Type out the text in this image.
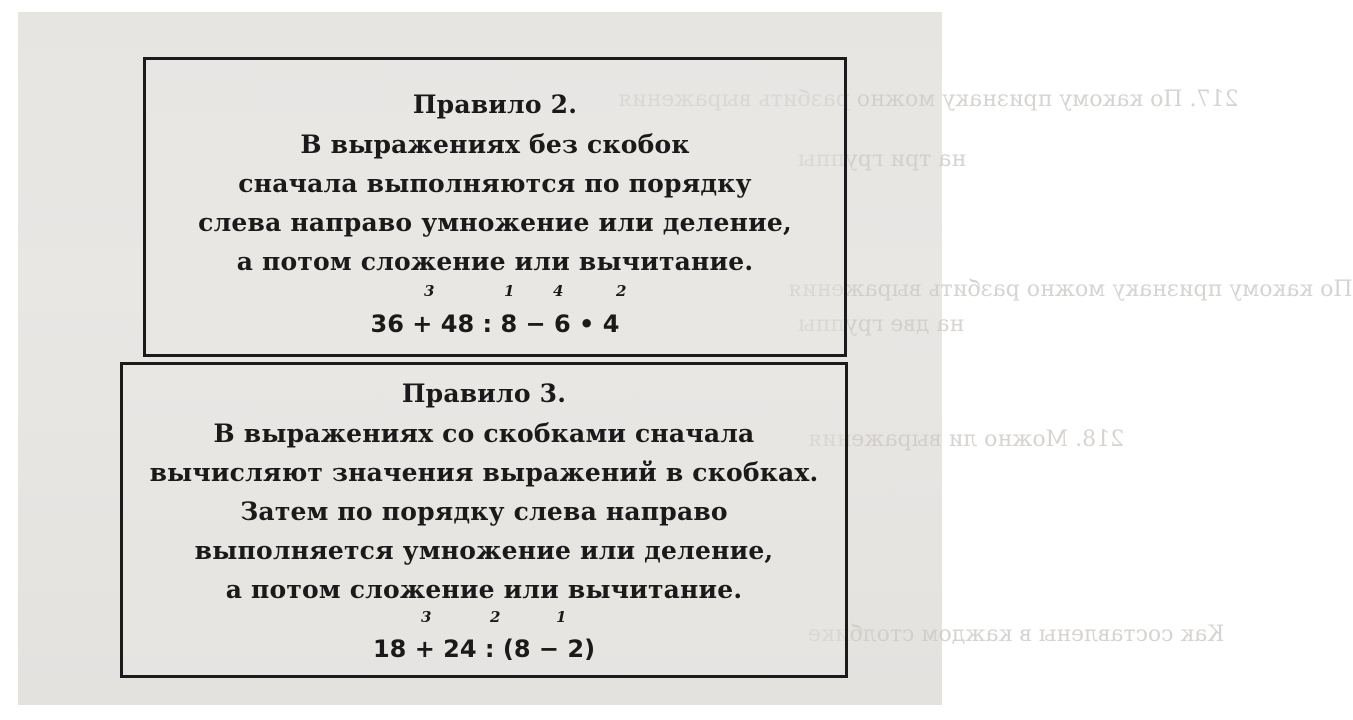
217. По какому признаку можно разбить выражения
на три группы
По какому признаку можно разбить выражения
на две группы
218. Можно ли выражения
Как составлены в каждом столбике
Правило 2.
В выражениях без скобок
сначала выполняются по порядку
слева направо умножение или деление,
а потом сложение или вычитание.
3	1	4	2
36 + 48 : 8 − 6 • 4
Правило 3.
В выражениях со скобками сначала
вычисляют значения выражений в скобках.
Затем по порядку слева направо
выполняется умножение или деление,
а потом сложение или вычитание.
3	2	1
18 + 24 : (8 − 2)
